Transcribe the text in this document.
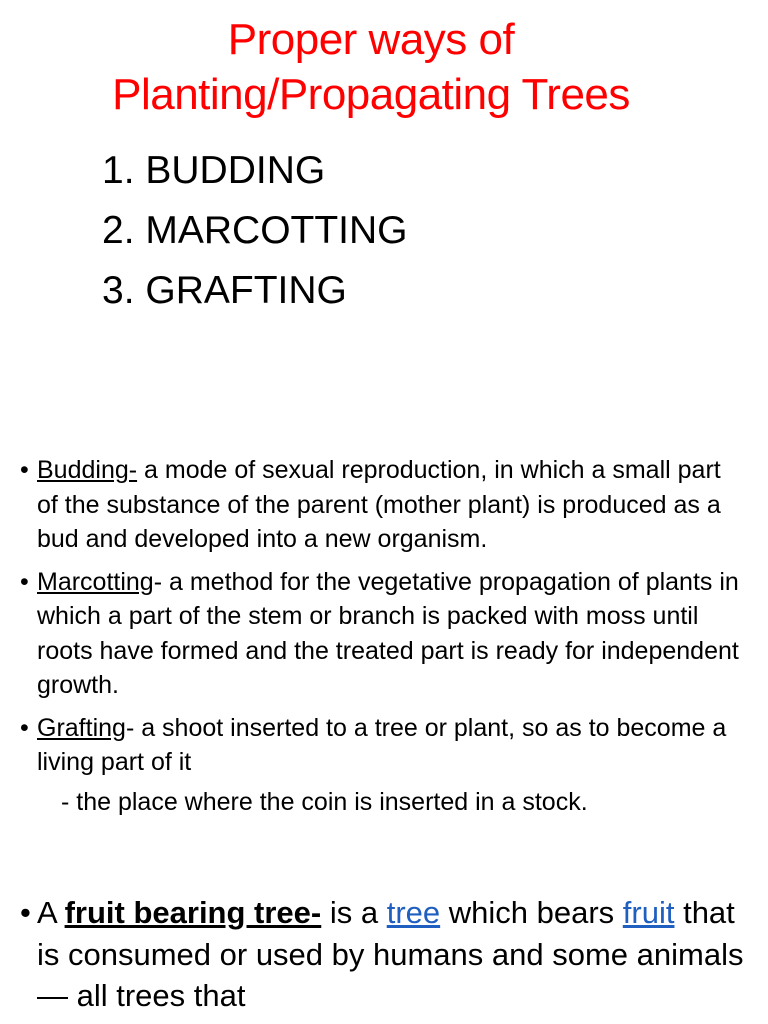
Proper ways of
Planting/Propagating Trees
1. BUDDING
2. MARCOTTING
3. GRAFTING
• Budding- a mode of sexual reproduction, in which a small part of the substance of the parent (mother plant) is produced as a bud and developed into a new organism.
• Marcotting- a method for the vegetative propagation of plants in which a part of the stem or branch is packed with moss until roots have formed and the treated part is ready for independent growth.
• Grafting- a shoot inserted to a tree or plant, so as to become a living part of it
- the place where the coin is inserted in a stock.

• A fruit bearing tree- is a tree which bears fruit that is consumed or used by humans and some animals — all trees that
